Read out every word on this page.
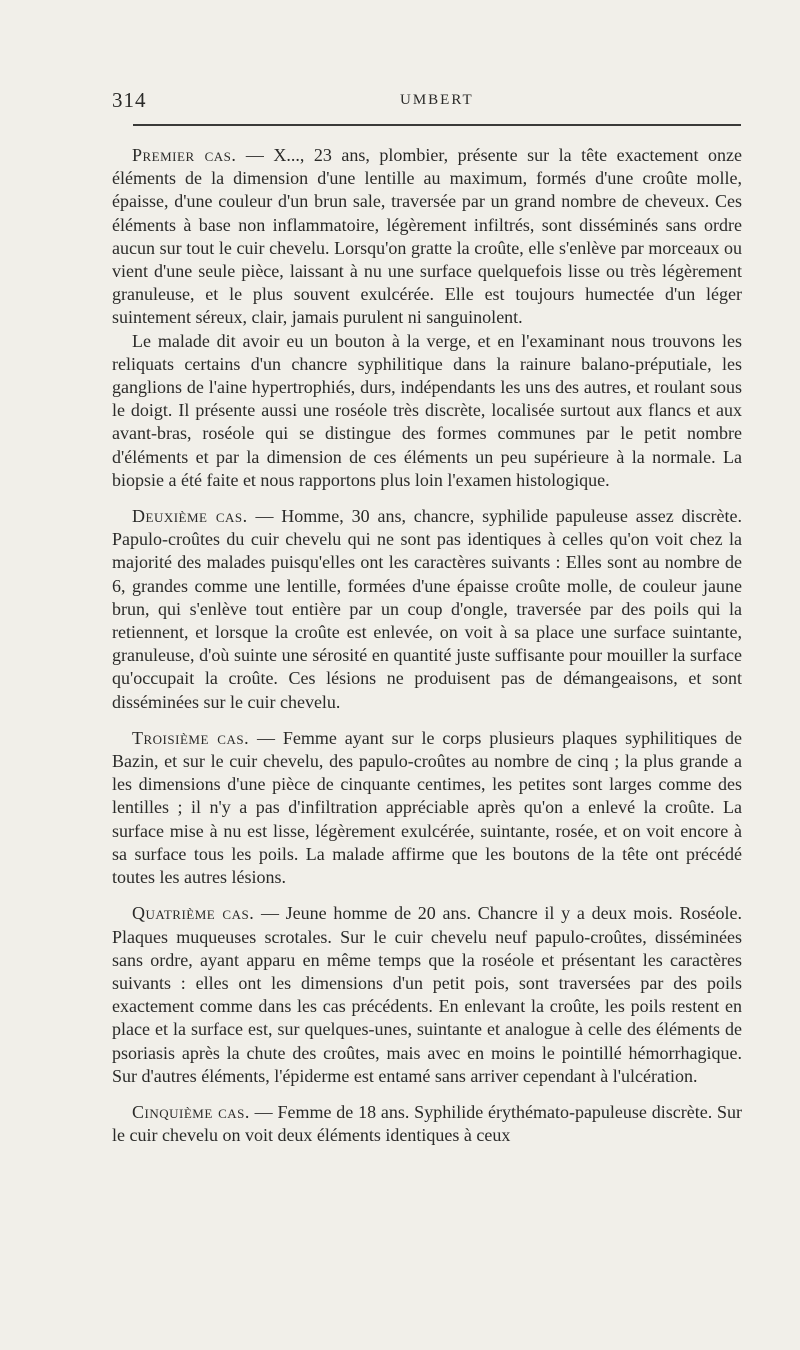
314	UMBERT

Premier cas. — X..., 23 ans, plombier, présente sur la tête exactement onze éléments de la dimension d'une lentille au maximum, formés d'une croûte molle, épaisse, d'une couleur d'un brun sale, traversée par un grand nombre de cheveux. Ces éléments à base non inflammatoire, légèrement infiltrés, sont disséminés sans ordre aucun sur tout le cuir chevelu. Lorsqu'on gratte la croûte, elle s'enlève par morceaux ou vient d'une seule pièce, laissant à nu une surface quelquefois lisse ou très légèrement granuleuse, et le plus souvent exulcérée. Elle est toujours humectée d'un léger suintement séreux, clair, jamais purulent ni sanguinolent.

Le malade dit avoir eu un bouton à la verge, et en l'examinant nous trouvons les reliquats certains d'un chancre syphilitique dans la rainure balano-préputiale, les ganglions de l'aine hypertrophiés, durs, indépendants les uns des autres, et roulant sous le doigt. Il présente aussi une roséole très discrète, localisée surtout aux flancs et aux avant-bras, roséole qui se distingue des formes communes par le petit nombre d'éléments et par la dimension de ces éléments un peu supérieure à la normale. La biopsie a été faite et nous rapportons plus loin l'examen histologique.

Deuxième cas. — Homme, 30 ans, chancre, syphilide papuleuse assez discrète. Papulo-croûtes du cuir chevelu qui ne sont pas identiques à celles qu'on voit chez la majorité des malades puisqu'elles ont les caractères suivants : Elles sont au nombre de 6, grandes comme une lentille, formées d'une épaisse croûte molle, de couleur jaune brun, qui s'enlève tout entière par un coup d'ongle, traversée par des poils qui la retiennent, et lorsque la croûte est enlevée, on voit à sa place une surface suintante, granuleuse, d'où suinte une sérosité en quantité juste suffisante pour mouiller la surface qu'occupait la croûte. Ces lésions ne produisent pas de démangeaisons, et sont disséminées sur le cuir chevelu.

Troisième cas. — Femme ayant sur le corps plusieurs plaques syphilitiques de Bazin, et sur le cuir chevelu, des papulo-croûtes au nombre de cinq ; la plus grande a les dimensions d'une pièce de cinquante centimes, les petites sont larges comme des lentilles ; il n'y a pas d'infiltration appréciable après qu'on a enlevé la croûte. La surface mise à nu est lisse, légèrement exulcérée, suintante, rosée, et on voit encore à sa surface tous les poils. La malade affirme que les boutons de la tête ont précédé toutes les autres lésions.

Quatrième cas. — Jeune homme de 20 ans. Chancre il y a deux mois. Roséole. Plaques muqueuses scrotales. Sur le cuir chevelu neuf papulo-croûtes, disséminées sans ordre, ayant apparu en même temps que la roséole et présentant les caractères suivants : elles ont les dimensions d'un petit pois, sont traversées par des poils exactement comme dans les cas précédents. En enlevant la croûte, les poils restent en place et la surface est, sur quelques-unes, suintante et analogue à celle des éléments de psoriasis après la chute des croûtes, mais avec en moins le pointillé hémorrhagique. Sur d'autres éléments, l'épiderme est entamé sans arriver cependant à l'ulcération.

Cinquième cas. — Femme de 18 ans. Syphilide érythémato-papuleuse discrète. Sur le cuir chevelu on voit deux éléments identiques à ceux
